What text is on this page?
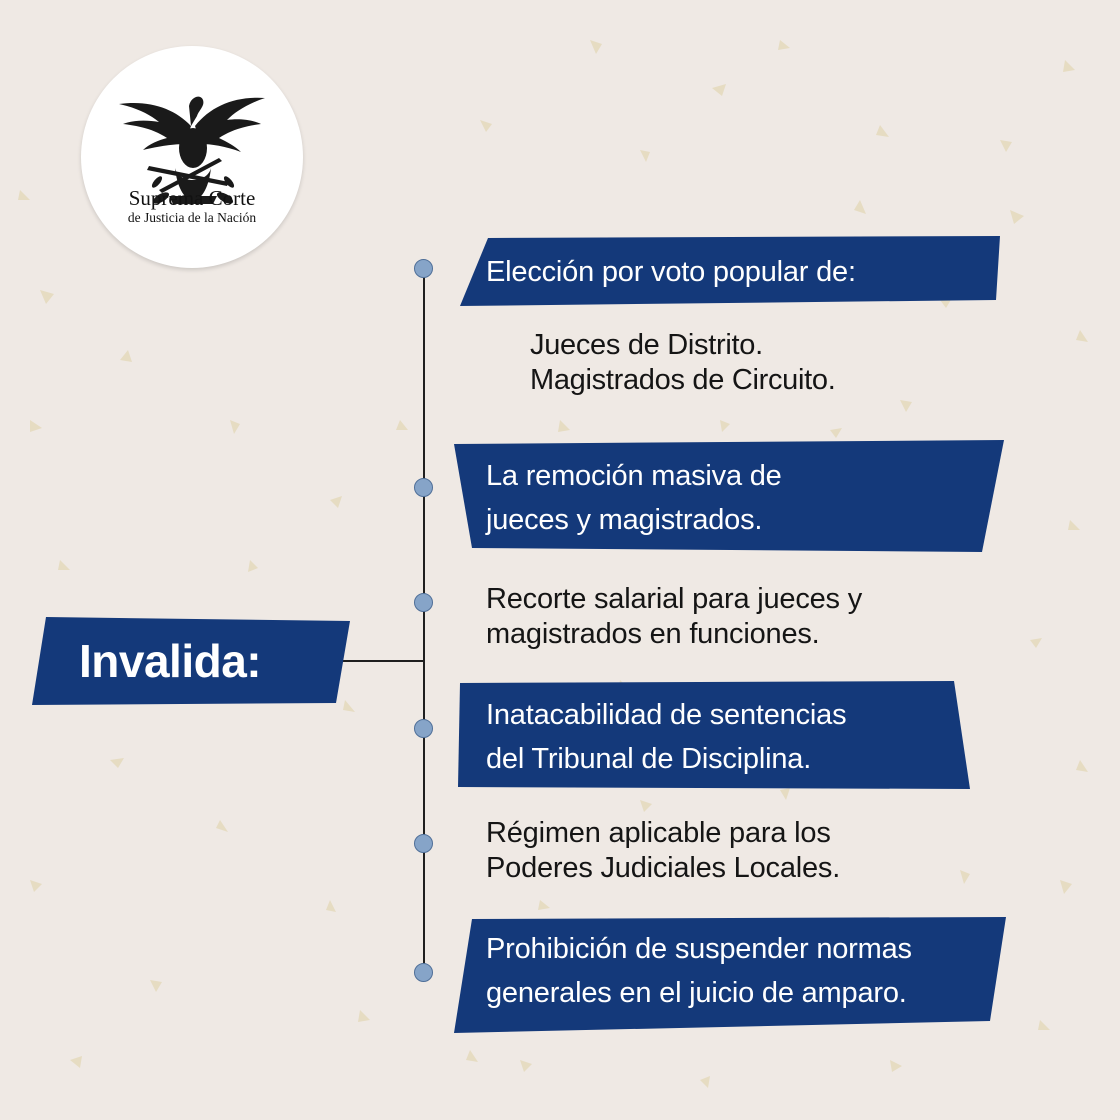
Suprema Corte
de Justicia de la Nación
Invalida:
Elección por voto popular de:
Jueces de Distrito.
Magistrados de Circuito.
La remoción masiva de
jueces y magistrados.
Recorte salarial para jueces y
magistrados en funciones.
Inatacabilidad de sentencias
del Tribunal de Disciplina.
Régimen aplicable para los
Poderes Judiciales Locales.
Prohibición de suspender normas
generales en el juicio de amparo.
